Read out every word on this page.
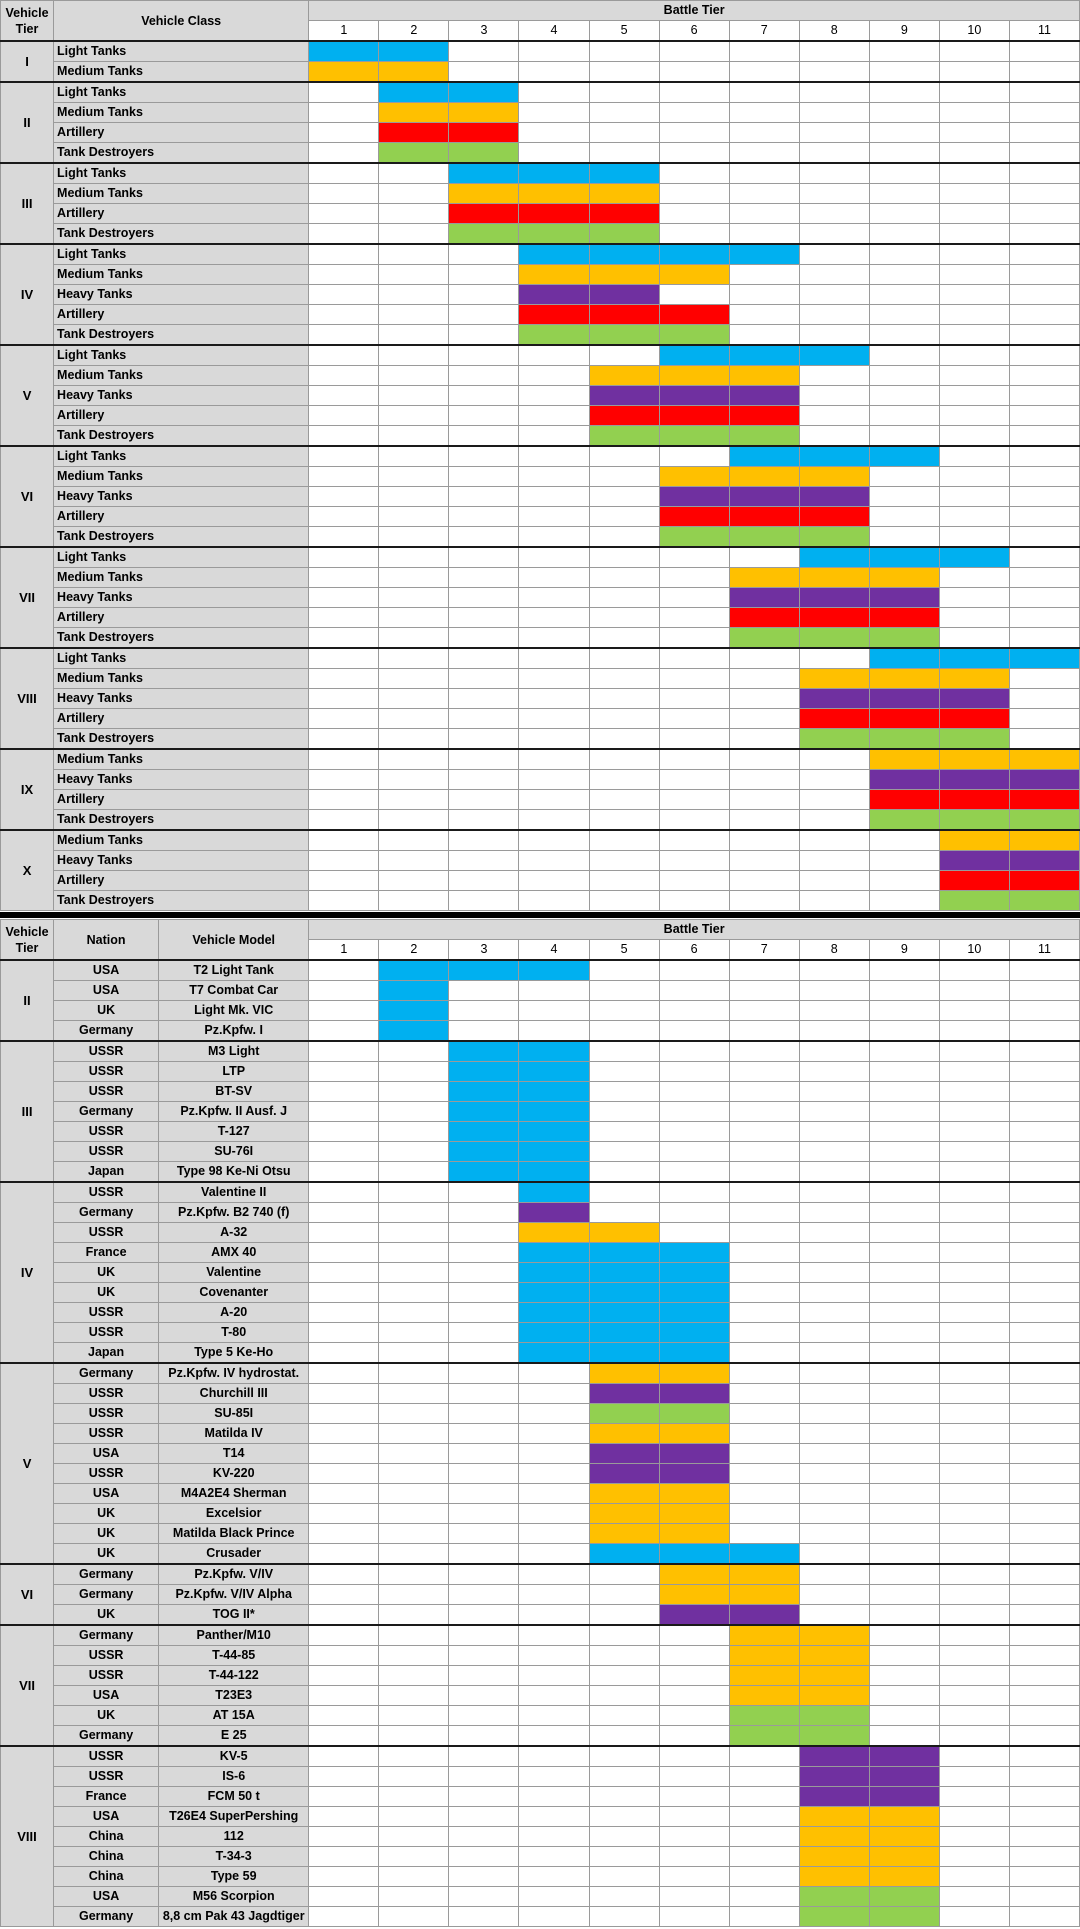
Vehicle Tier	Vehicle Class	Battle Tier										
		1	2	3	4	5	6	7	8	9	10	11
I	Light Tanks											
	Medium Tanks											
II	Light Tanks											
	Medium Tanks											
	Artillery											
	Tank Destroyers											
III	Light Tanks											
	Medium Tanks											
	Artillery											
	Tank Destroyers											
IV	Light Tanks											
	Medium Tanks											
	Heavy Tanks											
	Artillery											
	Tank Destroyers											
V	Light Tanks											
	Medium Tanks											
	Heavy Tanks											
	Artillery											
	Tank Destroyers											
VI	Light Tanks											
	Medium Tanks											
	Heavy Tanks											
	Artillery											
	Tank Destroyers											
VII	Light Tanks											
	Medium Tanks											
	Heavy Tanks											
	Artillery											
	Tank Destroyers											
VIII	Light Tanks											
	Medium Tanks											
	Heavy Tanks											
	Artillery											
	Tank Destroyers											
IX	Medium Tanks											
	Heavy Tanks											
	Artillery											
	Tank Destroyers											
X	Medium Tanks											
	Heavy Tanks											
	Artillery											
	Tank Destroyers											
Vehicle Tier	Nation	Vehicle Model	Battle Tier										
			1	2	3	4	5	6	7	8	9	10	11
II	USA	T2 Light Tank											
	USA	T7 Combat Car											
	UK	Light Mk. VIC											
	Germany	Pz.Kpfw. I											
III	USSR	M3 Light											
	USSR	LTP											
	USSR	BT-SV											
	Germany	Pz.Kpfw. II Ausf. J											
	USSR	T-127											
	USSR	SU-76I											
	Japan	Type 98 Ke-Ni Otsu											
IV	USSR	Valentine II											
	Germany	Pz.Kpfw. B2 740 (f)											
	USSR	A-32											
	France	AMX 40											
	UK	Valentine											
	UK	Covenanter											
	USSR	A-20											
	USSR	T-80											
	Japan	Type 5 Ke-Ho											
V	Germany	Pz.Kpfw. IV hydrostat.											
	USSR	Churchill III											
	USSR	SU-85I											
	USSR	Matilda IV											
	USA	T14											
	USSR	KV-220											
	USA	M4A2E4 Sherman											
	UK	Excelsior											
	UK	Matilda Black Prince											
	UK	Crusader											
VI	Germany	Pz.Kpfw. V/IV											
	Germany	Pz.Kpfw. V/IV Alpha											
	UK	TOG II*											
VII	Germany	Panther/M10											
	USSR	T-44-85											
	USSR	T-44-122											
	USA	T23E3											
	UK	AT 15A											
	Germany	E 25											
VIII	USSR	KV-5											
	USSR	IS-6											
	France	FCM 50 t											
	USA	T26E4 SuperPershing											
	China	112											
	China	T-34-3											
	China	Type 59											
	USA	M56 Scorpion											
	Germany	8,8 cm Pak 43 Jagdtiger											
